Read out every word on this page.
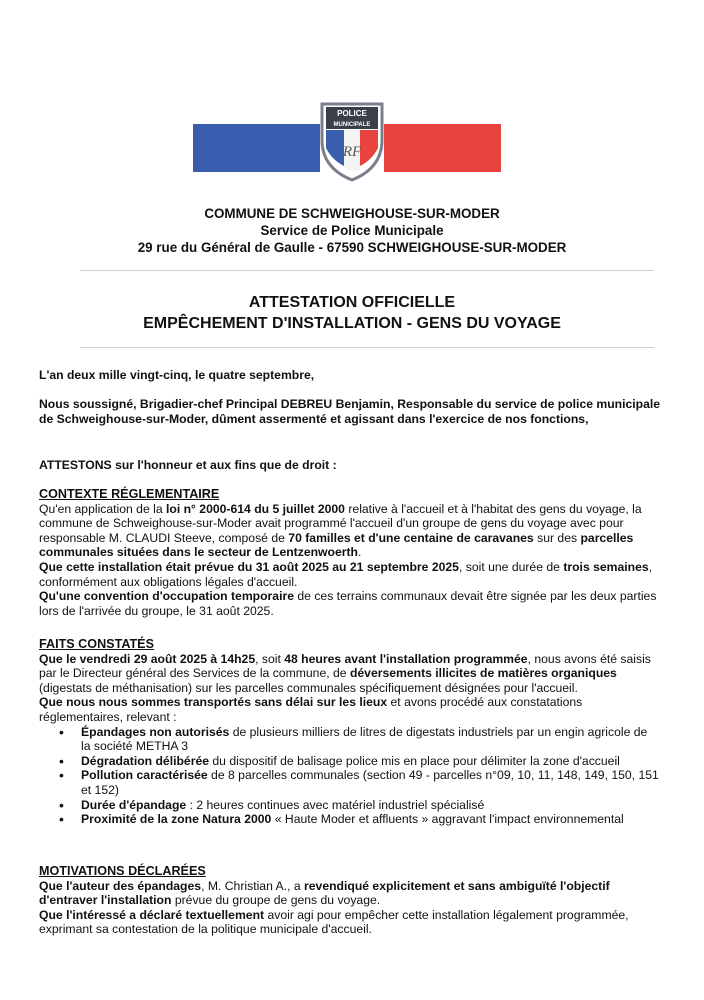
POLICE
MUNICIPALE
RF
COMMUNE DE SCHWEIGHOUSE-SUR-MODER
Service de Police Municipale
29 rue du Général de Gaulle - 67590 SCHWEIGHOUSE-SUR-MODER
ATTESTATION OFFICIELLE
EMPÊCHEMENT D'INSTALLATION - GENS DU VOYAGE

L'an deux mille vingt-cinq, le quatre septembre,

Nous soussigné, Brigadier-chef Principal DEBREU Benjamin, Responsable du service de police municipale de Schweighouse-sur-Moder, dûment assermenté et agissant dans l'exercice de nos fonctions,

ATTESTONS sur l'honneur et aux fins que de droit :

CONTEXTE RÉGLEMENTAIRE

Qu'en application de la loi n° 2000-614 du 5 juillet 2000 relative à l'accueil et à l'habitat des gens du voyage, la commune de Schweighouse-sur-Moder avait programmé l'accueil d'un groupe de gens du voyage avec pour responsable M. CLAUDI Steeve, composé de 70 familles et d'une centaine de caravanes sur des parcelles communales situées dans le secteur de Lentzenwoerth.

Que cette installation était prévue du 31 août 2025 au 21 septembre 2025, soit une durée de trois semaines, conformément aux obligations légales d'accueil.

Qu'une convention d'occupation temporaire de ces terrains communaux devait être signée par les deux parties lors de l'arrivée du groupe, le 31 août 2025.

FAITS CONSTATÉS

Que le vendredi 29 août 2025 à 14h25, soit 48 heures avant l'installation programmée, nous avons été saisis par le Directeur général des Services de la commune, de déversements illicites de matières organiques (digestats de méthanisation) sur les parcelles communales spécifiquement désignées pour l'accueil.

Que nous nous sommes transportés sans délai sur les lieux et avons procédé aux constatations réglementaires, relevant :

• Épandages non autorisés de plusieurs milliers de litres de digestats industriels par un engin agricole de la société METHA 3
• Dégradation délibérée du dispositif de balisage police mis en place pour délimiter la zone d'accueil
• Pollution caractérisée de 8 parcelles communales (section 49 - parcelles n°09, 10, 11, 148, 149, 150, 151 et 152)
• Durée d'épandage : 2 heures continues avec matériel industriel spécialisé
• Proximité de la zone Natura 2000 « Haute Moder et affluents » aggravant l'impact environnemental
MOTIVATIONS DÉCLARÉES

Que l'auteur des épandages, M. Christian A., a revendiqué explicitement et sans ambiguïté l'objectif d'entraver l'installation prévue du groupe de gens du voyage.

Que l'intéressé a déclaré textuellement avoir agi pour empêcher cette installation légalement programmée, exprimant sa contestation de la politique municipale d'accueil.
